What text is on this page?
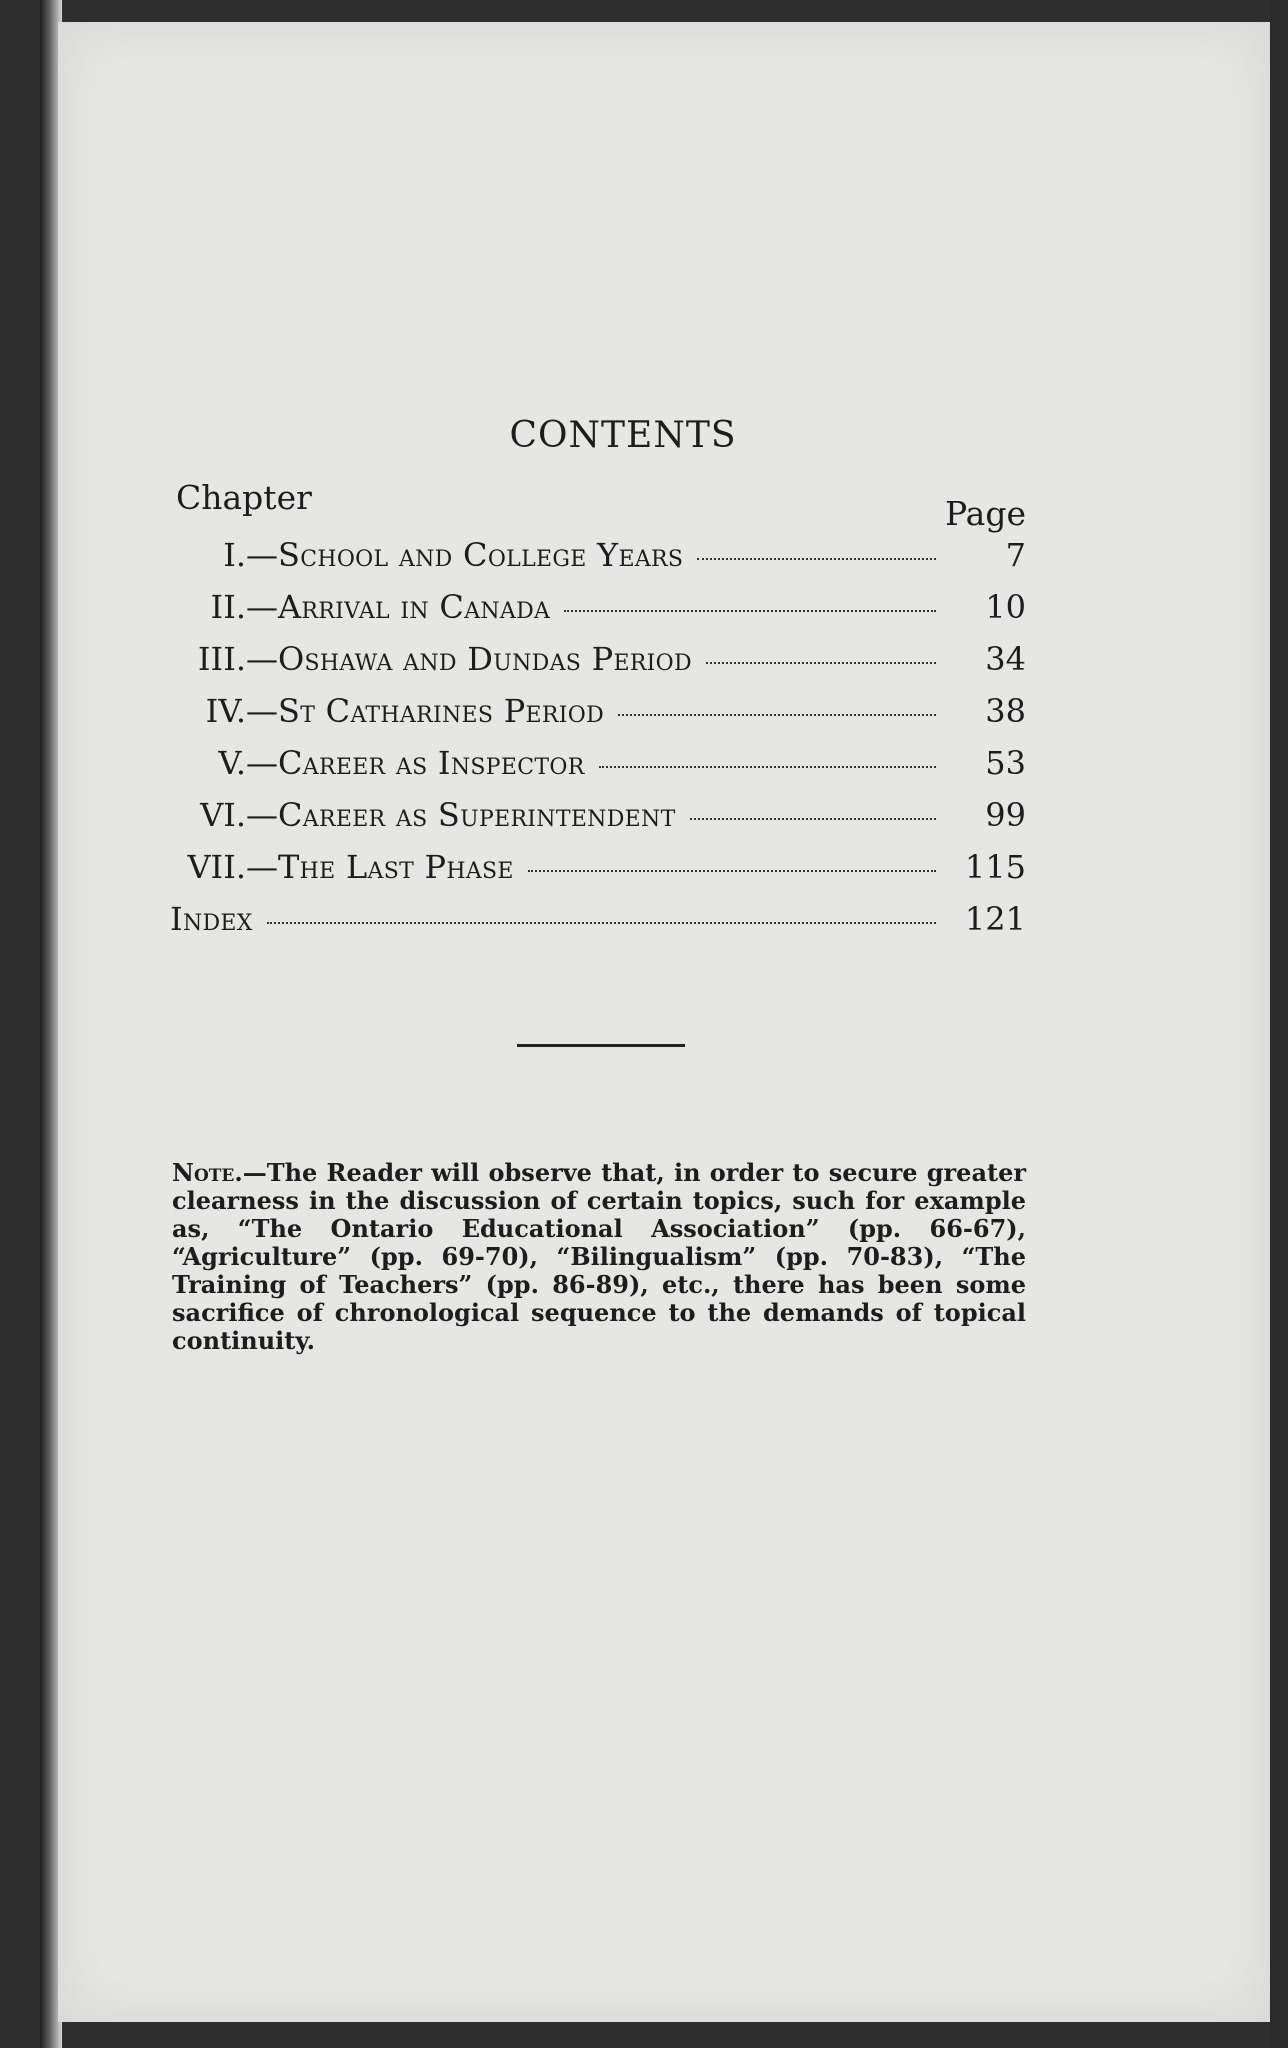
CONTENTS
Chapter	Page
I.— School and College Years	7
II.— Arrival in Canada	10
III.— Oshawa and Dundas Period	34
IV.— St Catharines Period	38
V.— Career as Inspector	53
VI.— Career as Superintendent	99
VII.— The Last Phase	115
Index	121
Note.—The Reader will observe that, in order to secure greater clearness in the discussion of certain topics, such for example as, “The Ontario Educational Association” (pp. 66-67), “Agriculture” (pp. 69-70), “Bilingualism” (pp. 70-83), “The Training of Teachers” (pp. 86-89), etc., there has been some sacrifice of chronological sequence to the demands of topical continuity.
